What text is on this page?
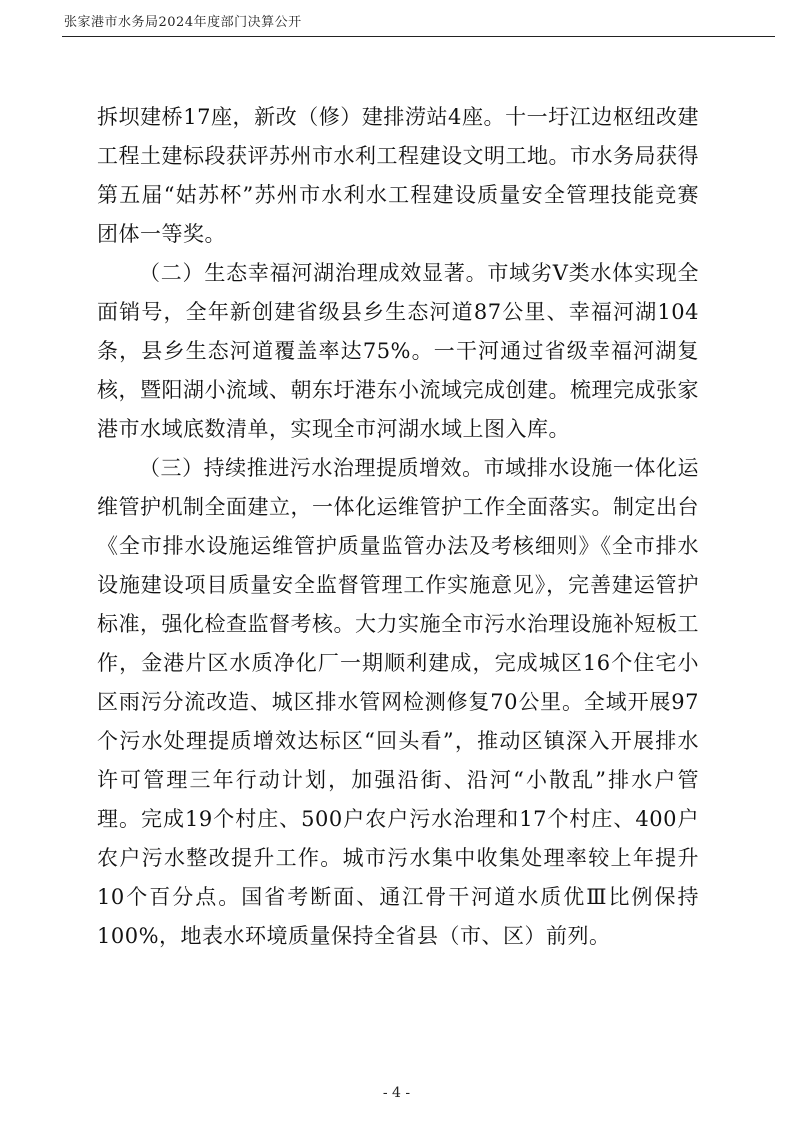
张家港市水务局2024年度部门决算公开

拆坝建桥17座，新改（修）建排涝站4座。十一圩江边枢纽改建工程土建标段获评苏州市水利工程建设文明工地。市水务局获得第五届“姑苏杯”苏州市水利水工程建设质量安全管理技能竞赛团体一等奖。

（二）生态幸福河湖治理成效显著。市域劣Ⅴ类水体实现全面销号，全年新创建省级县乡生态河道87公里、幸福河湖104条，县乡生态河道覆盖率达75%。一干河通过省级幸福河湖复核，暨阳湖小流域、朝东圩港东小流域完成创建。梳理完成张家港市水域底数清单，实现全市河湖水域上图入库。

（三）持续推进污水治理提质增效。市域排水设施一体化运维管护机制全面建立，一体化运维管护工作全面落实。制定出台《全市排水设施运维管护质量监管办法及考核细则》《全市排水设施建设项目质量安全监督管理工作实施意见》，完善建运管护标准，强化检查监督考核。大力实施全市污水治理设施补短板工作，金港片区水质净化厂一期顺利建成，完成城区16个住宅小区雨污分流改造、城区排水管网检测修复70公里。全域开展97个污水处理提质增效达标区“回头看”，推动区镇深入开展排水许可管理三年行动计划，加强沿街、沿河“小散乱”排水户管理。完成19个村庄、500户农户污水治理和17个村庄、400户农户污水整改提升工作。城市污水集中收集处理率较上年提升10个百分点。国省考断面、通江骨干河道水质优Ⅲ比例保持100%，地表水环境质量保持全省县（市、区）前列。

- 4 -
